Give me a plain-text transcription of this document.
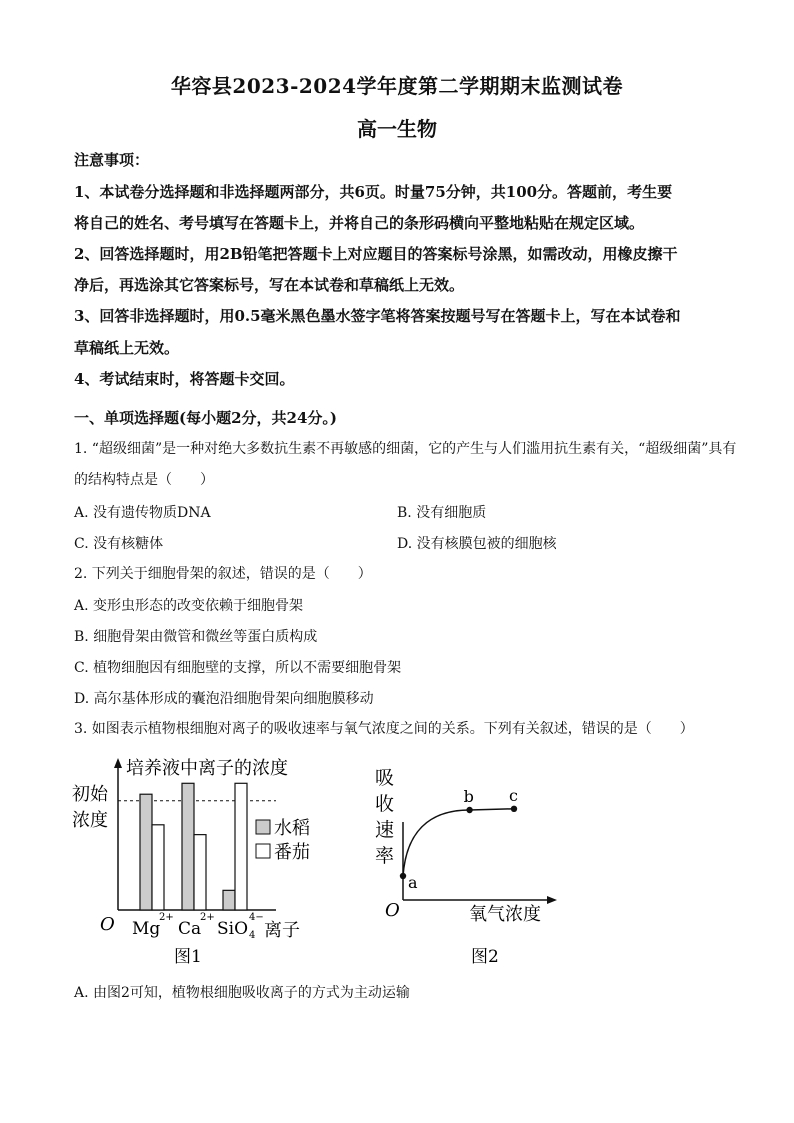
华容县2023-2024学年度第二学期期末监测试卷
高一生物
注意事项：
1、本试卷分选择题和非选择题两部分，共6页。时量75分钟，共100分。答题前，考生要
将自己的姓名、考号填写在答题卡上，并将自己的条形码横向平整地粘贴在规定区域。
2、回答选择题时，用2B铅笔把答题卡上对应题目的答案标号涂黑，如需改动，用橡皮擦干
净后，再选涂其它答案标号，写在本试卷和草稿纸上无效。
3、回答非选择题时，用0.5毫米黑色墨水签字笔将答案按题号写在答题卡上，写在本试卷和
草稿纸上无效。
4、考试结束时，将答题卡交回。
一、单项选择题(每小题2分，共24分。)
1. “超级细菌”是一种对绝大多数抗生素不再敏感的细菌，它的产生与人们滥用抗生素有关，“超级细菌”具有
的结构特点是（　　）
A. 没有遗传物质DNA	B. 没有细胞质
C. 没有核糖体	D. 没有核膜包被的细胞核
2. 下列关于细胞骨架的叙述，错误的是（　　）
A. 变形虫形态的改变依赖于细胞骨架
B. 细胞骨架由微管和微丝等蛋白质构成
C. 植物细胞因有细胞壁的支撑，所以不需要细胞骨架
D. 高尔基体形成的囊泡沿细胞骨架向细胞膜移动
3. 如图表示植物根细胞对离子的吸收速率与氧气浓度之间的关系。下列有关叙述，错误的是（　　）
培养液中离子的浓度
初始
浓度
O	离子
Mg
2+
Ca
2+
SiO
4−
4
水稻
番茄
图1
吸
收
速
率
O	氧气浓度
a
b c
图2
A. 由图2可知，植物根细胞吸收离子的方式为主动运输
